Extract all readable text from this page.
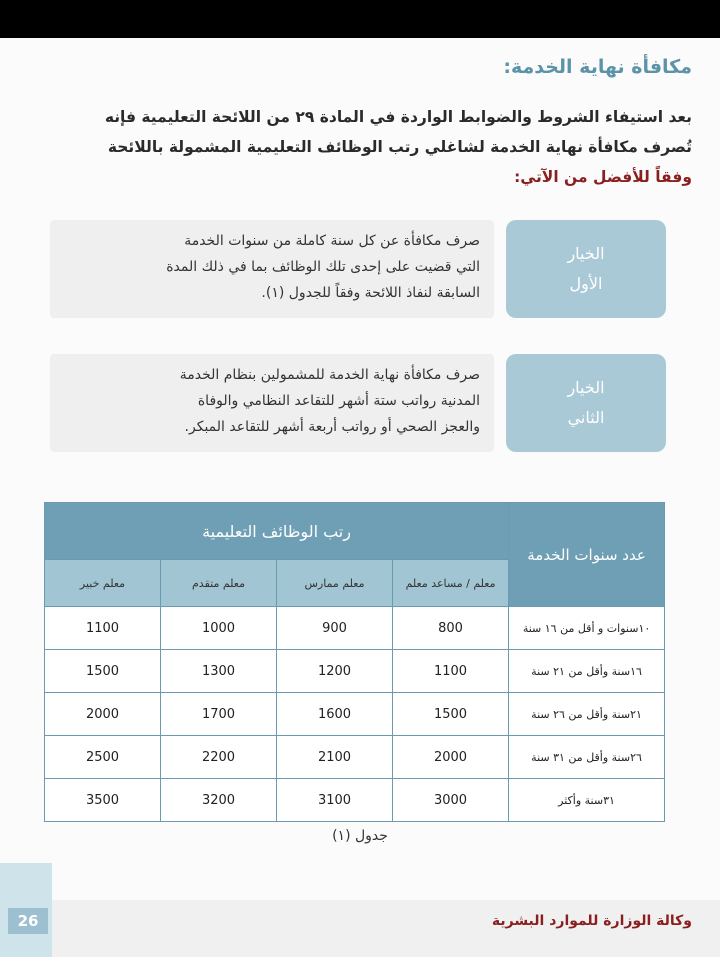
مكافأة نهاية الخدمة:
بعد استيفاء الشروط والضوابط الواردة في المادة ٢٩ من اللائحة التعليمية فإنه
تُصرف مكافأة نهاية الخدمة لشاغلي رتب الوظائف التعليمية المشمولة باللائحة
وفقاً للأفضل من الآتي:
الخيار
الأول
صرف مكافأة عن كل سنة كاملة من سنوات الخدمة
التي قضيت على إحدى تلك الوظائف بما في ذلك المدة
السابقة لنفاذ اللائحة وفقاً للجدول (١).
الخيار
الثاني
صرف مكافأة نهاية الخدمة للمشمولين بنظام الخدمة
المدنية رواتب ستة أشهر للتقاعد النظامي والوفاة
والعجز الصحي أو رواتب أربعة أشهر للتقاعد المبكر.
رتب الوظائف التعليمية				عدد سنوات الخدمة
معلم خبير	معلم متقدم	معلم ممارس	معلم / مساعد معلم	
1100	1000	900	800	١٠سنوات و أقل من ١٦ سنة
1500	1300	1200	1100	١٦سنة وأقل من ٢١ سنة
2000	1700	1600	1500	٢١سنة وأقل من ٢٦ سنة
2500	2200	2100	2000	٢٦سنة وأقل من ٣١ سنة
3500	3200	3100	3000	٣١سنة وأكثر
جدول (١)
26	وكالة الوزارة للموارد البشرية
